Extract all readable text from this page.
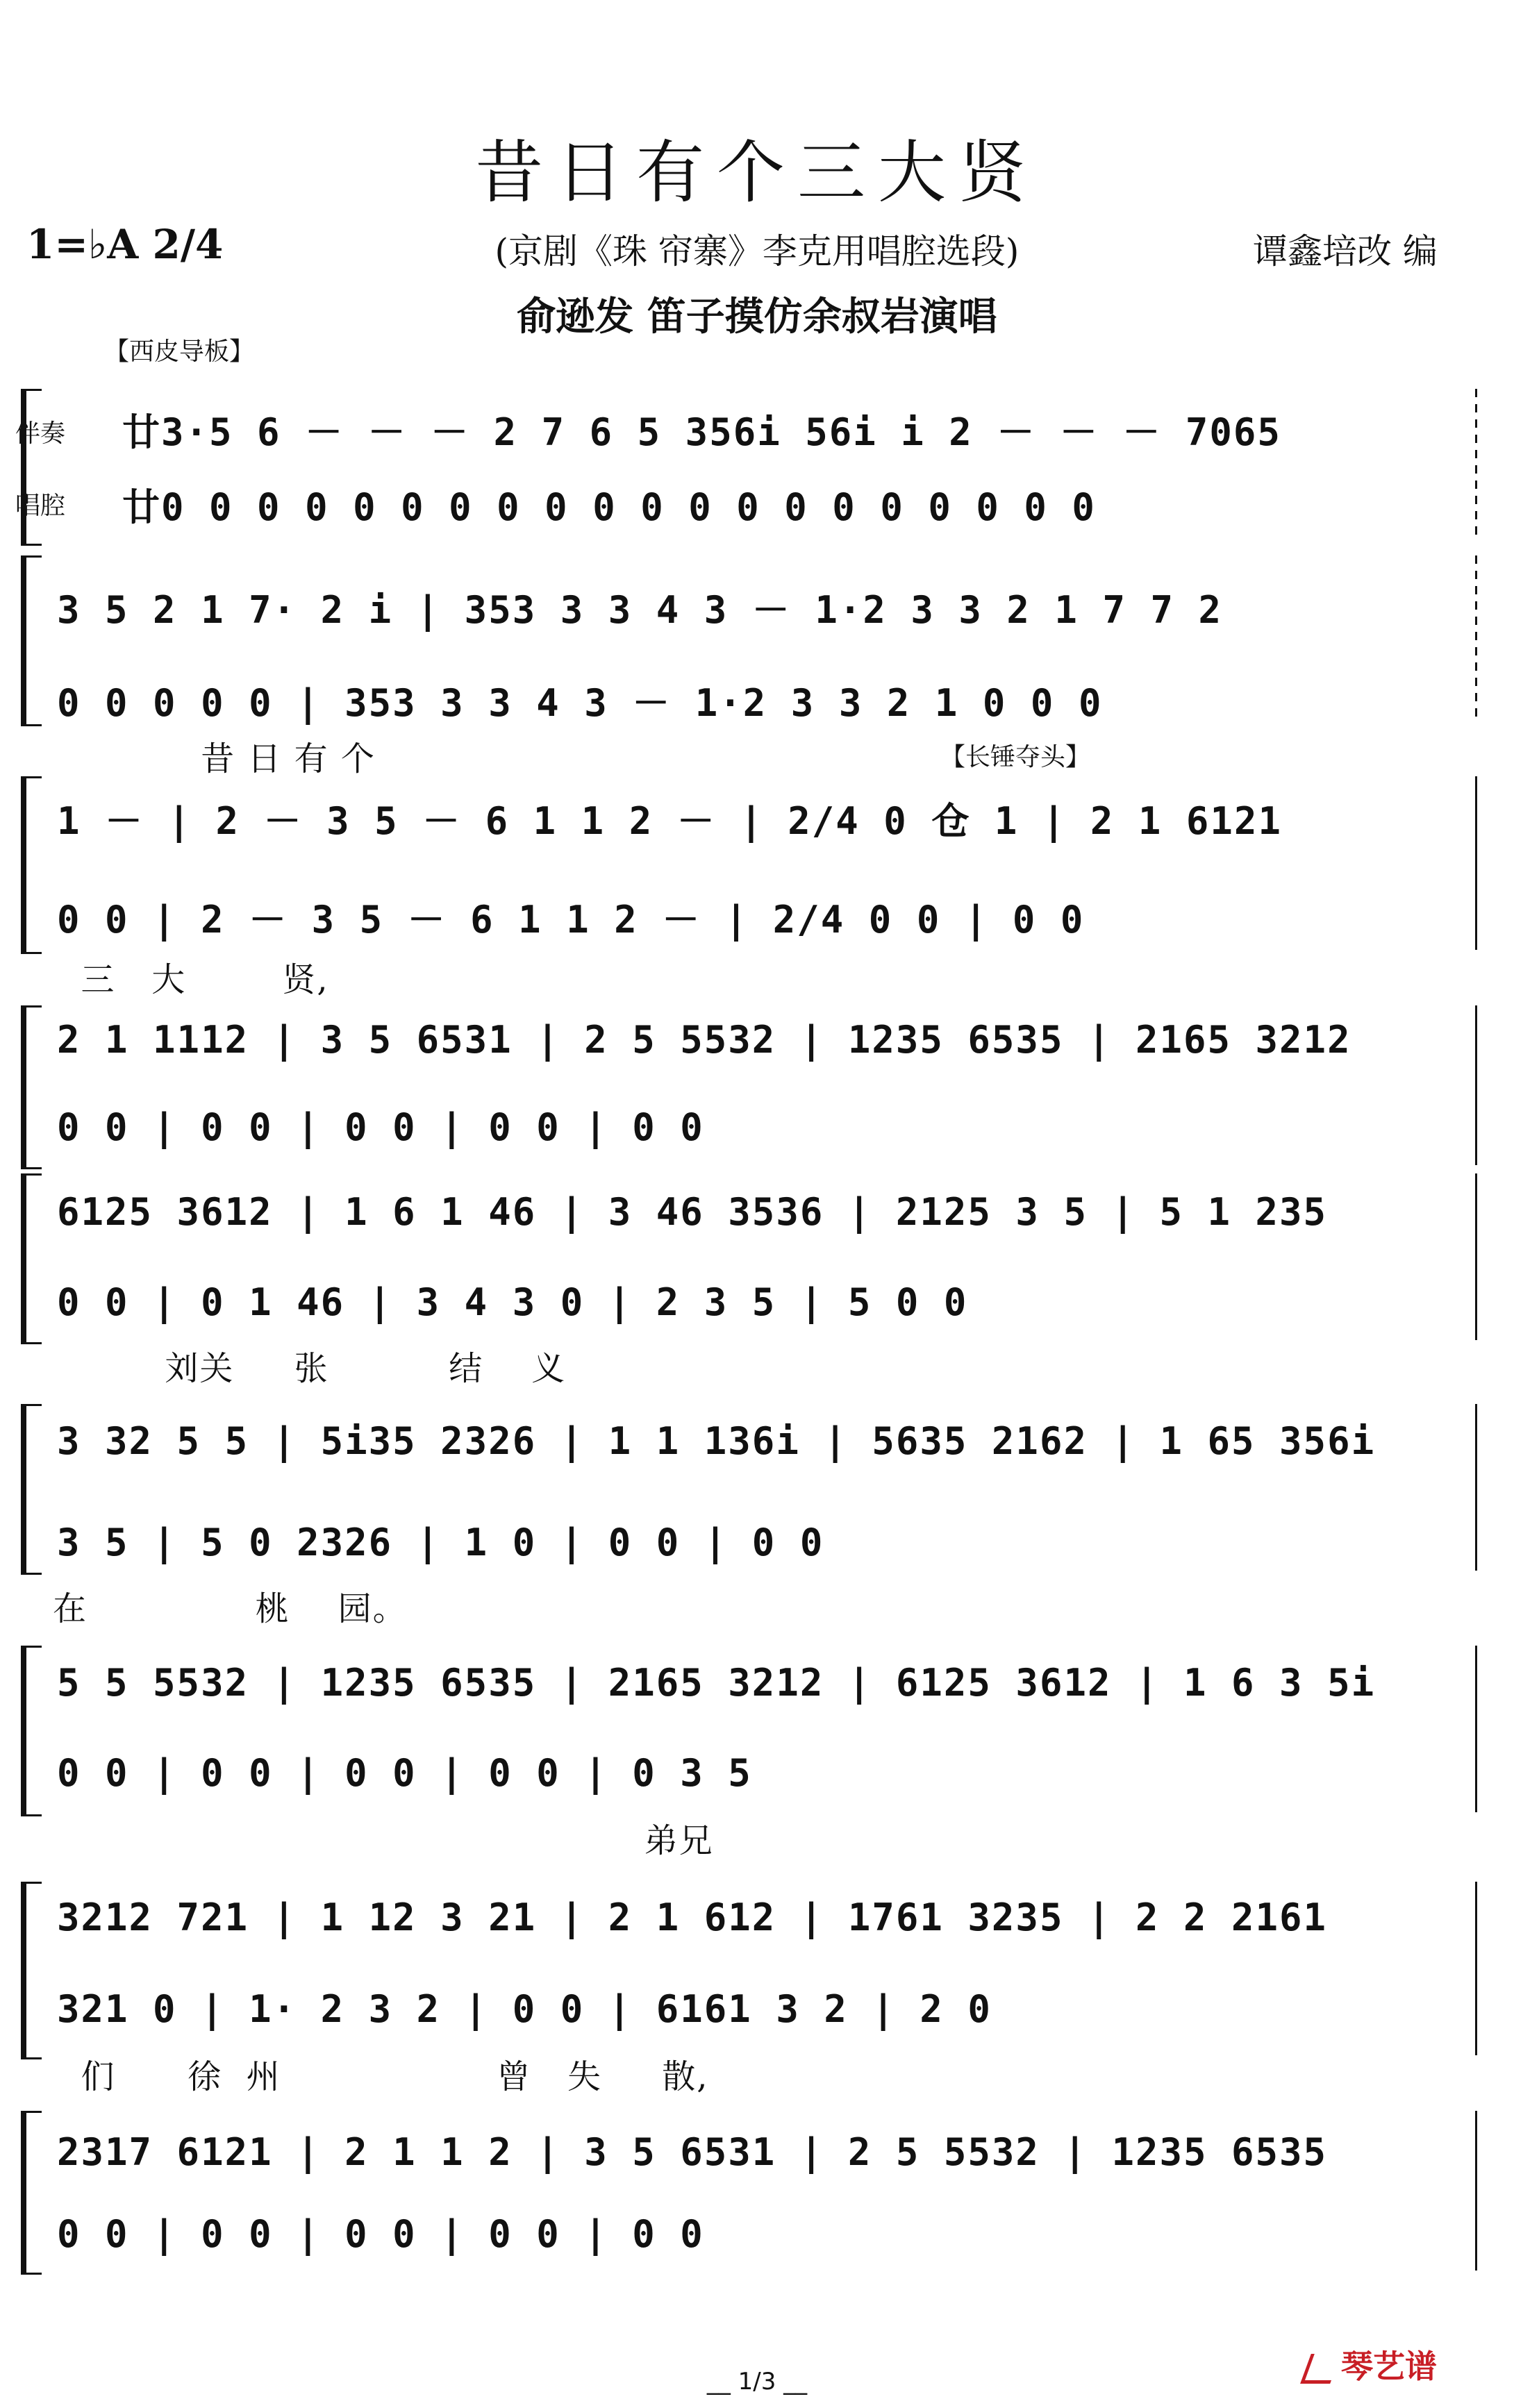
昔日有个三大贤
1=♭A 2/4	(京剧《珠 帘寨》李克用唱腔选段)	谭鑫培改 编
俞逊发 笛子摸仿余叔岩演唱
【西皮导板】
伴奏
唱腔
廿3·5 6 － － － 2 7 6 5 356i 56i i 2 － － － 7065
廿0 0 0 0 0 0 0 0 0 0 0 0 0 0 0 0 0 0 0 0
3 5 2 1 7· 2 i | 353 3 3 4 3 － 1·2 3 3 2 1 7 7 2
0 0 0 0 0 | 353 3 3 4 3 － 1·2 3 3 2 1 0 0 0
昔 日 有 个	【长锤夺头】
1 － | 2 － 3 5 － 6 1 1 2 － | 2/4 0 仓 1 | 2 1 6121
0 0 | 2 － 3 5 － 6 1 1 2 － | 2/4 0 0 | 0 0
三   大        贤,
2 1 1112 | 3 5 6531 | 2 5 5532 | 1235 6535 | 2165 3212
0 0 | 0 0 | 0 0 | 0 0 | 0 0
6125 3612 | 1 6 1 46 | 3 46 3536 | 2125 3 5 | 5 1 235
0 0 | 0 1 46 | 3 4 3 0 | 2 3 5 | 5 0 0
刘关     张          结    义
3 32 5 5 | 5i35 2326 | 1 1 136i | 5635 2162 | 1 65 356i
3 5 | 5 0 2326 | 1 0 | 0 0 | 0 0
在              桃    园。
5 5 5532 | 1235 6535 | 2165 3212 | 6125 3612 | 1 6 3 5i
0 0 | 0 0 | 0 0 | 0 0 | 0 3 5
弟兄
3212 721 | 1 12 3 21 | 2 1 612 | 1761 3235 | 2 2 2161
321 0 | 1· 2 3 2 | 0 0 | 6161 3 2 | 2 0
们      徐  州                  曾   失     散,
2317 6121 | 2 1 1 2 | 3 5 6531 | 2 5 5532 | 1235 6535
0 0 | 0 0 | 0 0 | 0 0 | 0 0
__ 1/3 __	琴艺谱
